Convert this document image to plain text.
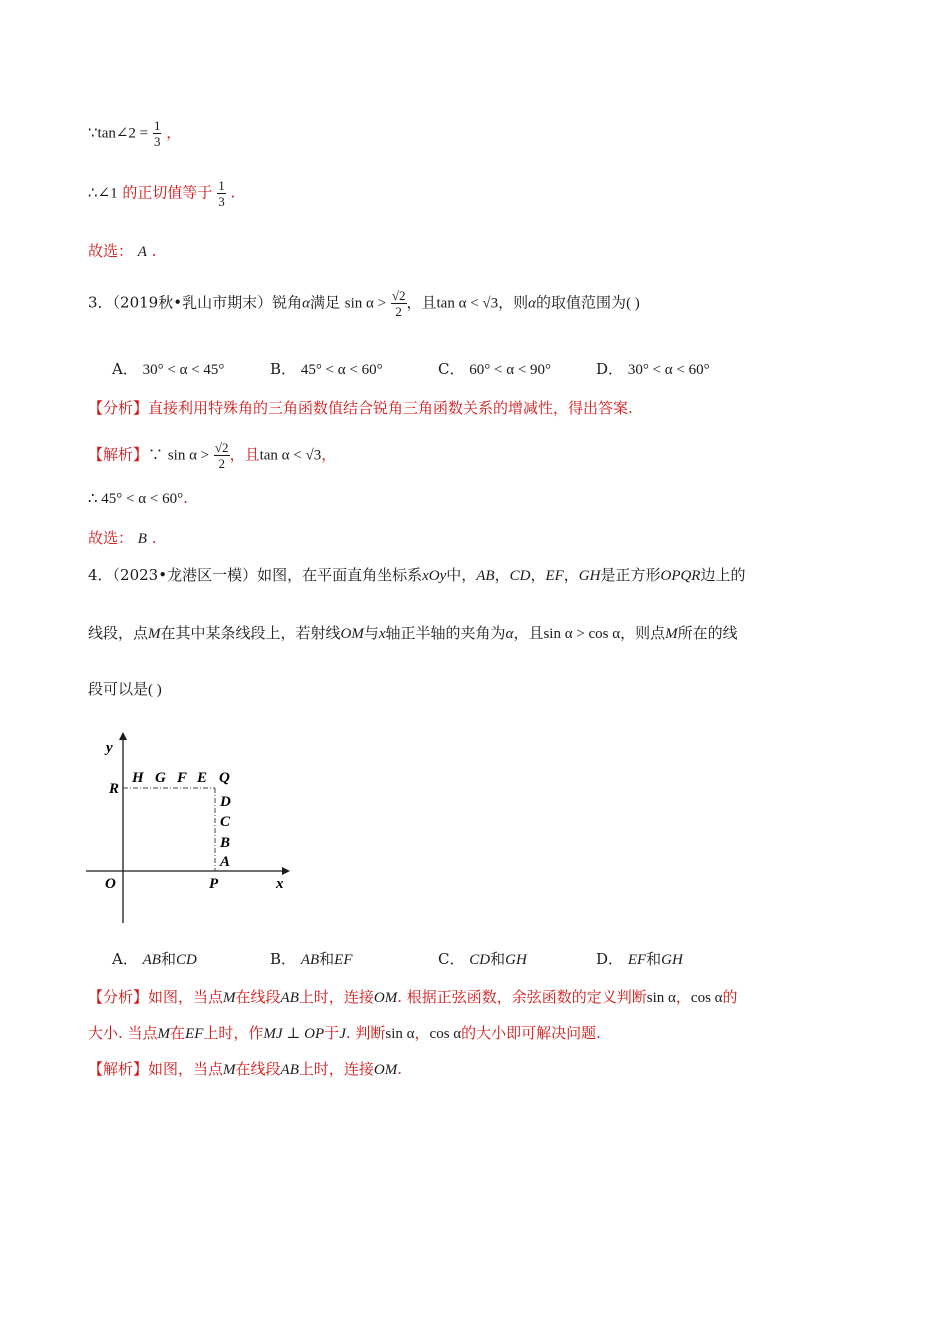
∵tan∠2 = $\frac{1}{3}$ ，
∴∠1 的正切值等于 $\frac{1}{3}$ .
故选： A .
3．（2019秋•乳山市期末）锐角α满足 $\sin \alpha > \frac{√2}{2}$ ，且tan α < √3，则α的取值范围为( )
A． 30° < α < 45°	B． 45° < α < 60°	C． 60° < α < 90°	D． 30° < α < 60°
【分析】直接利用特殊角的三角函数值结合锐角三角函数关系的增减性，得出答案.
【解析】∵ $\sin \alpha > \frac{√2}{2}$ ，且tan α < √3，
∴ 45° < α < 60°.
故选： B .
4．（2023•龙港区一模）如图，在平面直角坐标系xOy中，AB，CD，EF，GH是正方形OPQR边上的
线段，点M在其中某条线段上，若射线OM与x轴正半轴的夹角为α，且sin α > cos α，则点M所在的线
段可以是( )
y
x
O	P
R
H G F E Q
D
C
B
A
A． AB和CD	B． AB和EF	C． CD和GH	D． EF和GH
【分析】如图，当点M在线段AB上时，连接OM. 根据正弦函数，余弦函数的定义判断sin α，cos α的
大小. 当点M在EF上时，作MJ ⊥ OP于J. 判断sin α，cos α的大小即可解决问题.
【解析】如图，当点M在线段AB上时，连接OM.
